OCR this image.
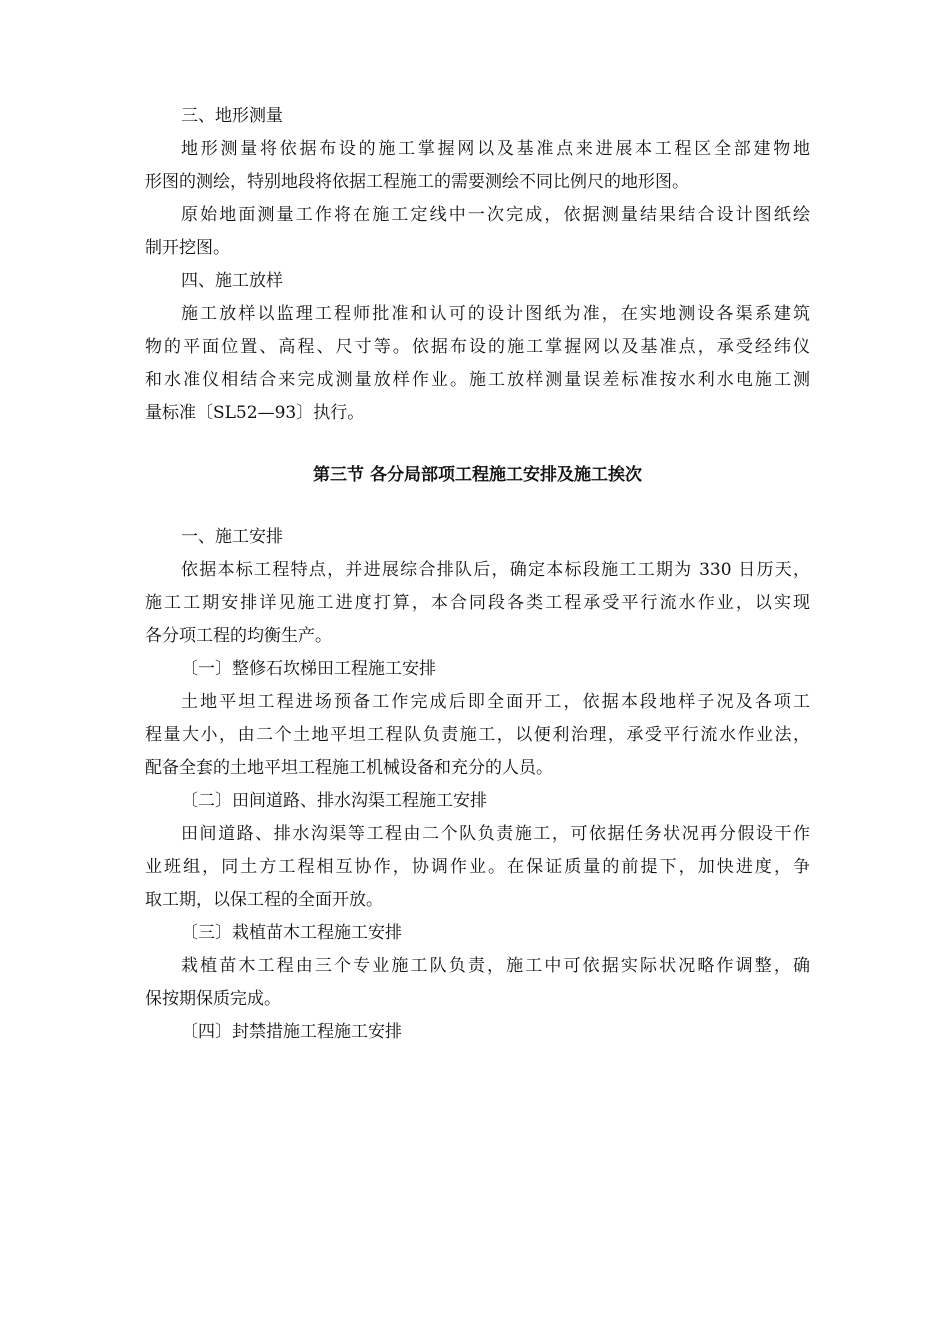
三、地形测量
地形测量将依据布设的施工掌握网以及基准点来进展本工程区全部建物地
形图的测绘，特别地段将依据工程施工的需要测绘不同比例尺的地形图。
原始地面测量工作将在施工定线中一次完成，依据测量结果结合设计图纸绘
制开挖图。
四、施工放样
施工放样以监理工程师批准和认可的设计图纸为准，在实地测设各渠系建筑
物的平面位置、高程、尺寸等。依据布设的施工掌握网以及基准点，承受经纬仪
和水准仪相结合来完成测量放样作业。施工放样测量误差标准按水利水电施工测
量标准〔SL52—93〕执行。
第三节 各分局部项工程施工安排及施工挨次
一、施工安排
依据本标工程特点，并进展综合排队后，确定本标段施工工期为 330 日历天，
施工工期安排详见施工进度打算，本合同段各类工程承受平行流水作业，以实现
各分项工程的均衡生产。
〔一〕整修石坎梯田工程施工安排
土地平坦工程进场预备工作完成后即全面开工，依据本段地样子况及各项工
程量大小，由二个土地平坦工程队负责施工，以便利治理，承受平行流水作业法，
配备全套的土地平坦工程施工机械设备和充分的人员。
〔二〕田间道路、排水沟渠工程施工安排
田间道路、排水沟渠等工程由二个队负责施工，可依据任务状况再分假设干作
业班组，同土方工程相互协作，协调作业。在保证质量的前提下，加快进度，争
取工期，以保工程的全面开放。
〔三〕栽植苗木工程施工安排
栽植苗木工程由三个专业施工队负责，施工中可依据实际状况略作调整，确
保按期保质完成。
〔四〕封禁措施工程施工安排
